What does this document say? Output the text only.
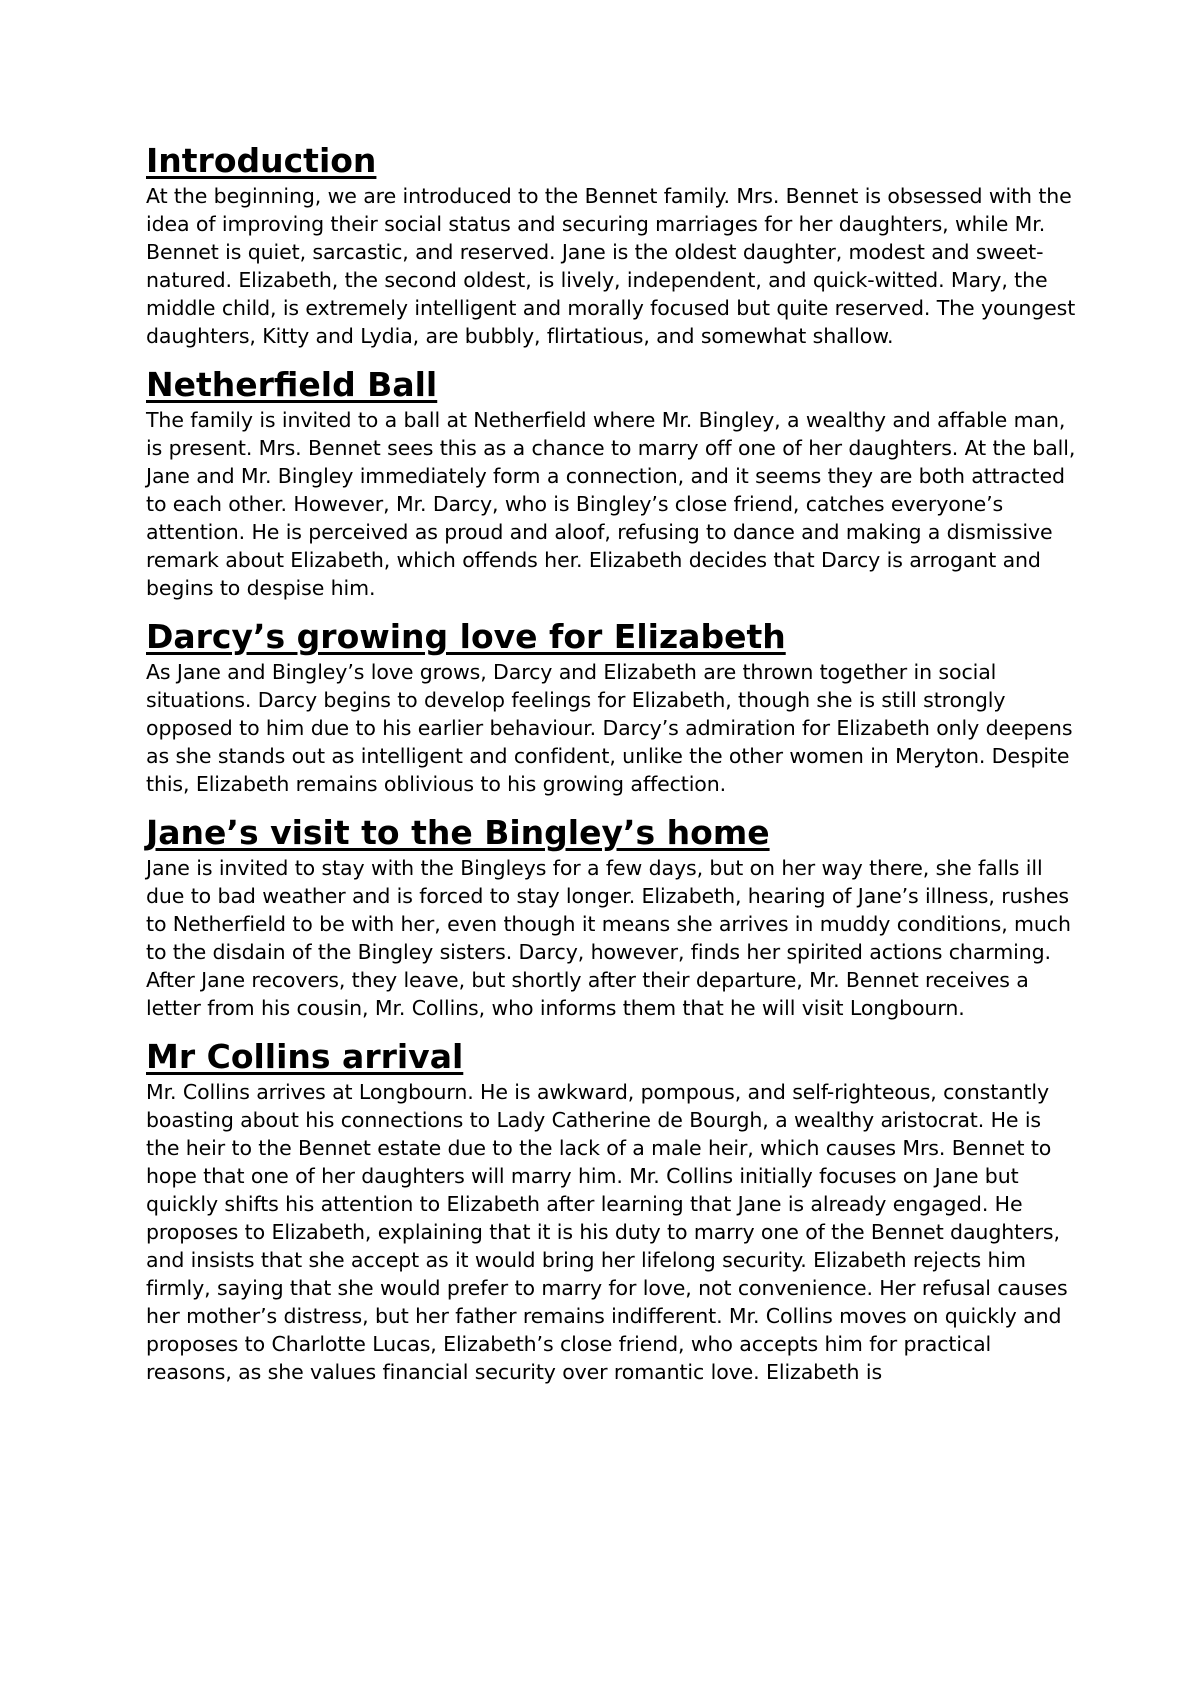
Introduction

At the beginning, we are introduced to the Bennet family. Mrs. Bennet is obsessed with the idea of improving their social status and securing marriages for her daughters, while Mr. Bennet is quiet, sarcastic, and reserved. Jane is the oldest daughter, modest and sweet-natured. Elizabeth, the second oldest, is lively, independent, and quick-witted. Mary, the middle child, is extremely intelligent and morally focused but quite reserved. The youngest daughters, Kitty and Lydia, are bubbly, flirtatious, and somewhat shallow.

Netherfield Ball

The family is invited to a ball at Netherfield where Mr. Bingley, a wealthy and affable man, is present. Mrs. Bennet sees this as a chance to marry off one of her daughters. At the ball, Jane and Mr. Bingley immediately form a connection, and it seems they are both attracted to each other. However, Mr. Darcy, who is Bingley’s close friend, catches everyone’s attention. He is perceived as proud and aloof, refusing to dance and making a dismissive remark about Elizabeth, which offends her. Elizabeth decides that Darcy is arrogant and begins to despise him.

Darcy’s growing love for Elizabeth

As Jane and Bingley’s love grows, Darcy and Elizabeth are thrown together in social situations. Darcy begins to develop feelings for Elizabeth, though she is still strongly opposed to him due to his earlier behaviour. Darcy’s admiration for Elizabeth only deepens as she stands out as intelligent and confident, unlike the other women in Meryton. Despite this, Elizabeth remains oblivious to his growing affection.

Jane’s visit to the Bingley’s home

Jane is invited to stay with the Bingleys for a few days, but on her way there, she falls ill due to bad weather and is forced to stay longer. Elizabeth, hearing of Jane’s illness, rushes to Netherfield to be with her, even though it means she arrives in muddy conditions, much to the disdain of the Bingley sisters. Darcy, however, finds her spirited actions charming. After Jane recovers, they leave, but shortly after their departure, Mr. Bennet receives a letter from his cousin, Mr. Collins, who informs them that he will visit Longbourn.

Mr Collins arrival

Mr. Collins arrives at Longbourn. He is awkward, pompous, and self-righteous, constantly boasting about his connections to Lady Catherine de Bourgh, a wealthy aristocrat. He is the heir to the Bennet estate due to the lack of a male heir, which causes Mrs. Bennet to hope that one of her daughters will marry him. Mr. Collins initially focuses on Jane but quickly shifts his attention to Elizabeth after learning that Jane is already engaged. He proposes to Elizabeth, explaining that it is his duty to marry one of the Bennet daughters, and insists that she accept as it would bring her lifelong security. Elizabeth rejects him firmly, saying that she would prefer to marry for love, not convenience. Her refusal causes her mother’s distress, but her father remains indifferent. Mr. Collins moves on quickly and proposes to Charlotte Lucas, Elizabeth’s close friend, who accepts him for practical reasons, as she values financial security over romantic love. Elizabeth is
